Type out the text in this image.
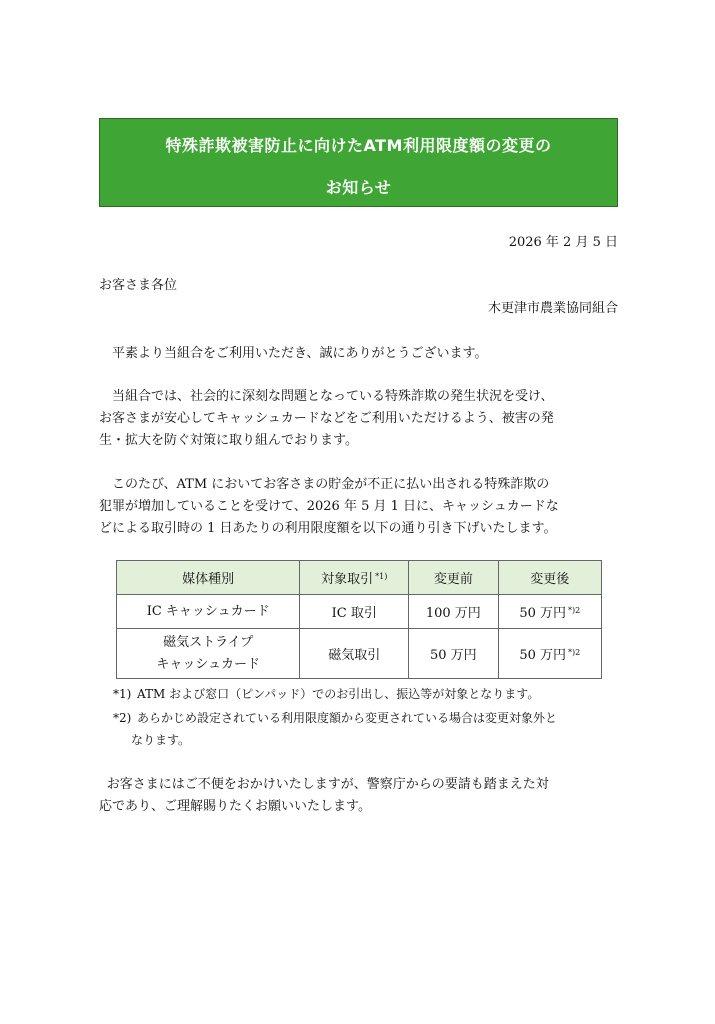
特殊詐欺被害防止に向けたATM利用限度額の変更の
お知らせ
2026 年 2 月 5 日
お客さま各位
木更津市農業協同組合

平素より当組合をご利用いただき、誠にありがとうございます。

当組合では、社会的に深刻な問題となっている特殊詐欺の発生状況を受け、

お客さまが安心してキャッシュカードなどをご利用いただけるよう、被害の発

生・拡大を防ぐ対策に取り組んでおります。

このたび、ATM においてお客さまの貯金が不正に払い出される特殊詐欺の

犯罪が増加していることを受けて、2026 年 5 月 1 日に、キャッシュカードな

どによる取引時の 1 日あたりの利用限度額を以下の通り引き下げいたします。

媒体種別	対象取引 $^{*1)}$	変更前	変更後

IC キャッシュカード	IC 取引	100 万円	50 万円 $^{*)2}$

磁気ストライプ
キャッシュカード	磁気取引	50 万円	50 万円 $^{*)2}$
*1) ATM および窓口（ピンパッド）でのお引出し、振込等が対象となります。
*2) あらかじめ設定されている利用限度額から変更されている場合は変更対象外と
なります。

お客さまにはご不便をおかけいたしますが、警察庁からの要請も踏まえた対

応であり、ご理解賜りたくお願いいたします。
